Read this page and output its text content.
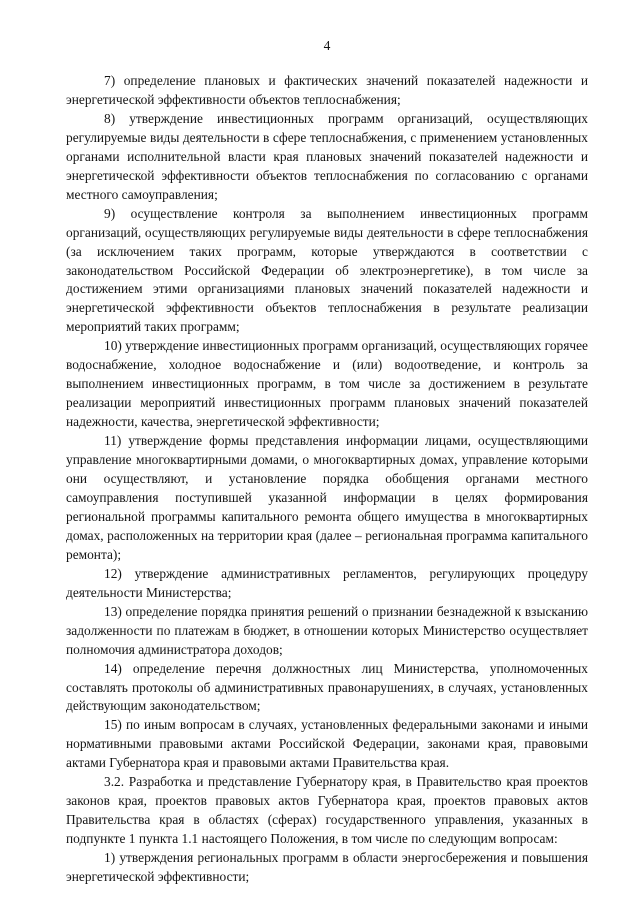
4

7) определение плановых и фактических значений показателей надежности и энергетической эффективности объектов теплоснабжения;

8) утверждение инвестиционных программ организаций, осуществляющих регулируемые виды деятельности в сфере теплоснабжения, с применением установленных органами исполнительной власти края плановых значений показателей надежности и энергетической эффективности объектов теплоснабжения по согласованию с органами местного самоуправления;

9) осуществление контроля за выполнением инвестиционных программ организаций, осуществляющих регулируемые виды деятельности в сфере теплоснабжения (за исключением таких программ, которые утверждаются в соответствии с законодательством Российской Федерации об электроэнергетике), в том числе за достижением этими организациями плановых значений показателей надежности и энергетической эффективности объектов теплоснабжения в результате реализации мероприятий таких программ;

10) утверждение инвестиционных программ организаций, осуществляющих горячее водоснабжение, холодное водоснабжение и (или) водоотведение, и контроль за выполнением инвестиционных программ, в том числе за достижением в результате реализации мероприятий инвестиционных программ плановых значений показателей надежности, качества, энергетической эффективности;

11) утверждение формы представления информации лицами, осуществляющими управление многоквартирными домами, о многоквартирных домах, управление которыми они осуществляют, и установление порядка обобщения органами местного самоуправления поступившей указанной информации в целях формирования региональной программы капитального ремонта общего имущества в многоквартирных домах, расположенных на территории края (далее – региональная программа капитального ремонта);

12) утверждение административных регламентов, регулирующих процедуру деятельности Министерства;

13) определение порядка принятия решений о признании безнадежной к взысканию задолженности по платежам в бюджет, в отношении которых Министерство осуществляет полномочия администратора доходов;

14) определение перечня должностных лиц Министерства, уполномоченных составлять протоколы об административных правонарушениях, в случаях, установленных действующим законодательством;

15) по иным вопросам в случаях, установленных федеральными законами и иными нормативными правовыми актами Российской Федерации, законами края, правовыми актами Губернатора края и правовыми актами Правительства края.

3.2. Разработка и представление Губернатору края, в Правительство края проектов законов края, проектов правовых актов Губернатора края, проектов правовых актов Правительства края в областях (сферах) государственного управления, указанных в подпункте 1 пункта 1.1 настоящего Положения, в том числе по следующим вопросам:

1) утверждения региональных программ в области энергосбережения и повышения энергетической эффективности;
